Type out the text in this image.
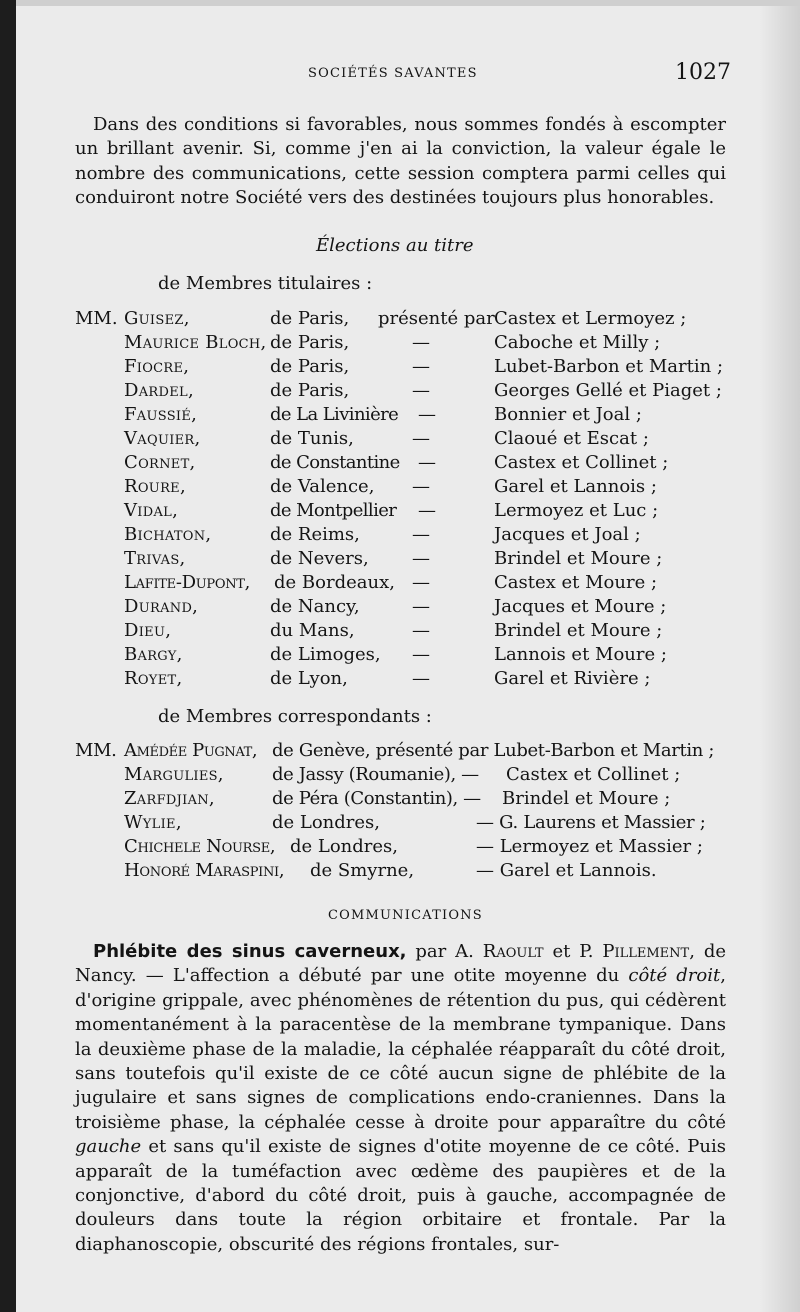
SOCIÉTÉS SAVANTES	1027

Dans des conditions si favorables, nous sommes fondés à escompter un brillant avenir. Si, comme j'en ai la conviction, la valeur égale le nombre des communications, cette session comptera parmi celles qui conduiront notre Société vers des destinées toujours plus honorables.

Élections au titre
de Membres titulaires :
MM. Guisez,	de Paris, présenté par Castex et Lermoyez ;
Maurice Bloch, de Paris,	—	Caboche et Milly ;
Fiocre,	de Paris,	—	Lubet-Barbon et Martin ;
Dardel,	de Paris,	—	Georges Gellé et Piaget ;
Faussié,	de La Livinière —	Bonnier et Joal ;
Vaquier,	de Tunis,	—	Claoué et Escat ;
Cornet,	de Constantine —	Castex et Collinet ;
Roure,	de Valence, —	Garel et Lannois ;
Vidal,	de Montpellier —	Lermoyez et Luc ;
Bichaton,	de Reims,	—	Jacques et Joal ;
Trivas,	de Nevers, —	Brindel et Moure ;
Lafite-Dupont, de Bordeaux, —	Castex et Moure ;
Durand,	de Nancy,	—	Jacques et Moure ;
Dieu,	du Mans,	—	Brindel et Moure ;
Bargy,	de Limoges, —	Lannois et Moure ;
Royet,	de Lyon,	—	Garel et Rivière ;
de Membres correspondants :
MM. Amédée Pugnat, de Genève, présenté par Lubet-Barbon et Martin ;
Margulies,	de Jassy (Roumanie), — Castex et Collinet ;
Zarfdjian,	de Péra (Constantin), — Brindel et Moure ;
Wylie,	de Londres,	— G. Laurens et Massier ;
Chichele Nourse, de Londres,	— Lermoyez et Massier ;
Honoré Maraspini, de Smyrne,	— Garel et Lannois.
COMMUNICATIONS

Phlébite des sinus caverneux, par A. Raoult et P. Pillement, de Nancy. — L'affection a débuté par une otite moyenne du côté droit, d'origine grippale, avec phénomènes de rétention du pus, qui cédèrent momentanément à la paracentèse de la membrane tympanique. Dans la deuxième phase de la maladie, la céphalée réapparaît du côté droit, sans toutefois qu'il existe de ce côté aucun signe de phlébite de la jugulaire et sans signes de complications endo-craniennes. Dans la troisième phase, la céphalée cesse à droite pour apparaître du côté gauche et sans qu'il existe de signes d'otite moyenne de ce côté. Puis apparaît de la tuméfaction avec œdème des paupières et de la conjonctive, d'abord du côté droit, puis à gauche, accompagnée de douleurs dans toute la région orbitaire et frontale. Par la diaphanoscopie, obscurité des régions frontales, sur-
